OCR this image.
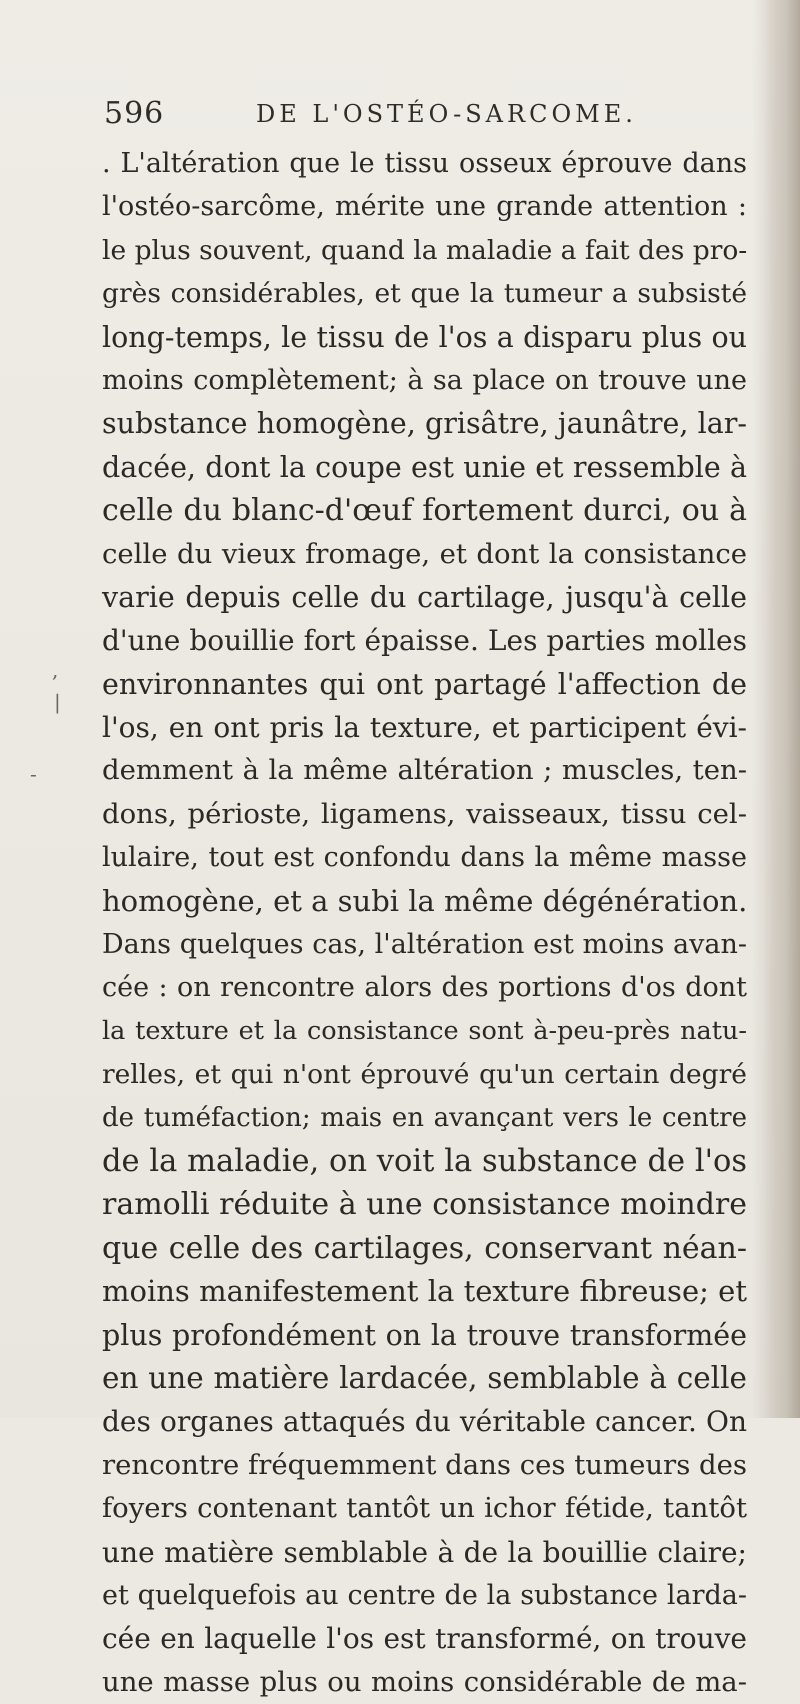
596	DE L'OSTÉO-SARCOME.
,
|
-
. L'altération que le tissu osseux éprouve dans
l'ostéo-sarcôme, mérite une grande attention :
le plus souvent, quand la maladie a fait des pro-
grès considérables, et que la tumeur a subsisté
long-temps, le tissu de l'os a disparu plus ou
moins complètement; à sa place on trouve une
substance homogène, grisâtre, jaunâtre, lar-
dacée, dont la coupe est unie et ressemble à
celle du blanc-d'œuf fortement durci, ou à
celle du vieux fromage, et dont la consistance
varie depuis celle du cartilage, jusqu'à celle
d'une bouillie fort épaisse. Les parties molles
environnantes qui ont partagé l'affection de
l'os, en ont pris la texture, et participent évi-
demment à la même altération ; muscles, ten-
dons, périoste, ligamens, vaisseaux, tissu cel-
lulaire, tout est confondu dans la même masse
homogène, et a subi la même dégénération.
Dans quelques cas, l'altération est moins avan-
cée : on rencontre alors des portions d'os dont
la texture et la consistance sont à-peu-près natu-
relles, et qui n'ont éprouvé qu'un certain degré
de tuméfaction; mais en avançant vers le centre
de la maladie, on voit la substance de l'os
ramolli réduite à une consistance moindre
que celle des cartilages, conservant néan-
moins manifestement la texture fibreuse; et
plus profondément on la trouve transformée
en une matière lardacée, semblable à celle
des organes attaqués du véritable cancer. On
rencontre fréquemment dans ces tumeurs des
foyers contenant tantôt un ichor fétide, tantôt
une matière semblable à de la bouillie claire;
et quelquefois au centre de la substance larda-
cée en laquelle l'os est transformé, on trouve
une masse plus ou moins considérable de ma-
